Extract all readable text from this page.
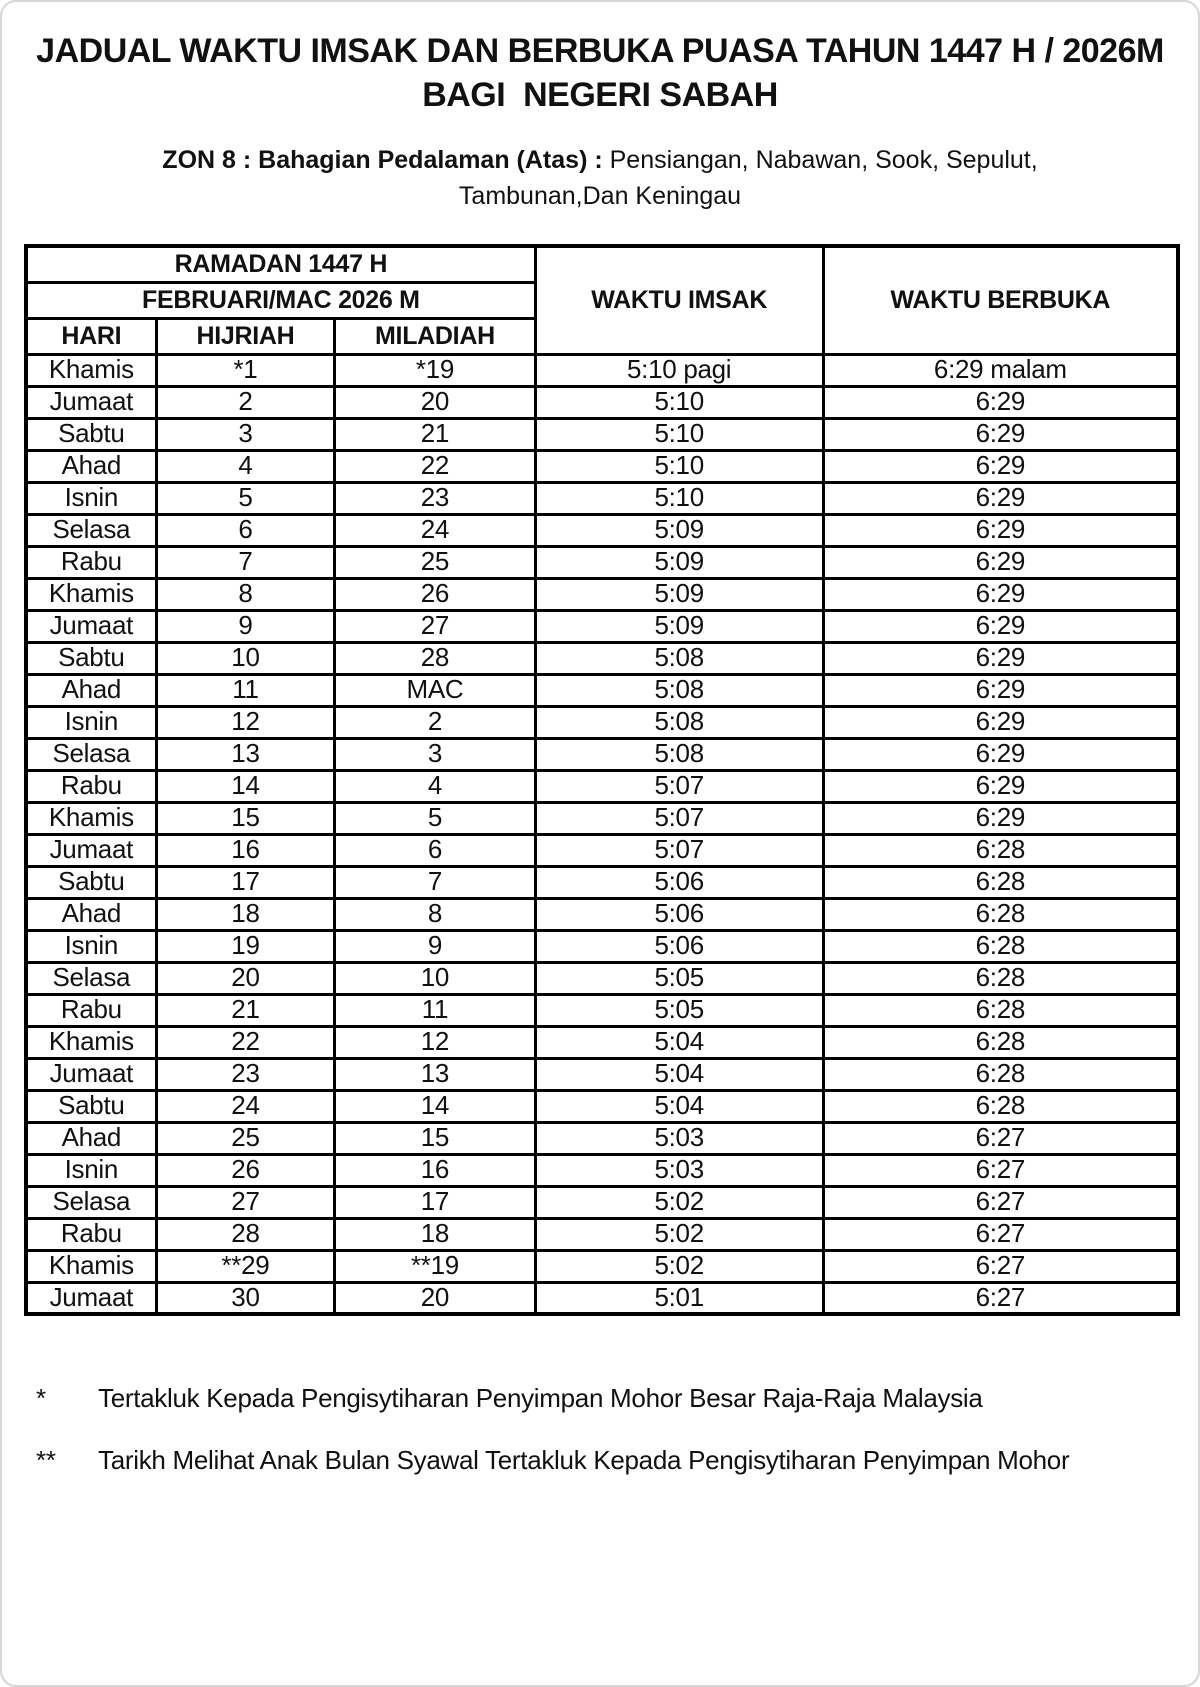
JADUAL WAKTU IMSAK DAN BERBUKA PUASA TAHUN 1447 H / 2026M
BAGI  NEGERI SABAH
ZON 8 : Bahagian Pedalaman (Atas) : Pensiangan, Nabawan, Sook, Sepulut,
Tambunan,Dan Keningau
RAMADAN 1447 H			WAKTU IMSAK	WAKTU BERBUKA
FEBRUARI/MAC 2026 M				
HARI	HIJRIAH	MILADIAH		
Khamis	*1	*19	5:10 pagi	6:29 malam
Jumaat	2	20	5:10	6:29
Sabtu	3	21	5:10	6:29
Ahad	4	22	5:10	6:29
Isnin	5	23	5:10	6:29
Selasa	6	24	5:09	6:29
Rabu	7	25	5:09	6:29
Khamis	8	26	5:09	6:29
Jumaat	9	27	5:09	6:29
Sabtu	10	28	5:08	6:29
Ahad	11	MAC	5:08	6:29
Isnin	12	2	5:08	6:29
Selasa	13	3	5:08	6:29
Rabu	14	4	5:07	6:29
Khamis	15	5	5:07	6:29
Jumaat	16	6	5:07	6:28
Sabtu	17	7	5:06	6:28
Ahad	18	8	5:06	6:28
Isnin	19	9	5:06	6:28
Selasa	20	10	5:05	6:28
Rabu	21	11	5:05	6:28
Khamis	22	12	5:04	6:28
Jumaat	23	13	5:04	6:28
Sabtu	24	14	5:04	6:28
Ahad	25	15	5:03	6:27
Isnin	26	16	5:03	6:27
Selasa	27	17	5:02	6:27
Rabu	28	18	5:02	6:27
Khamis	**29	**19	5:02	6:27
Jumaat	30	20	5:01	6:27
*	Tertakluk Kepada Pengisytiharan Penyimpan Mohor Besar Raja-Raja Malaysia
**	Tarikh Melihat Anak Bulan Syawal Tertakluk Kepada Pengisytiharan Penyimpan Mohor
